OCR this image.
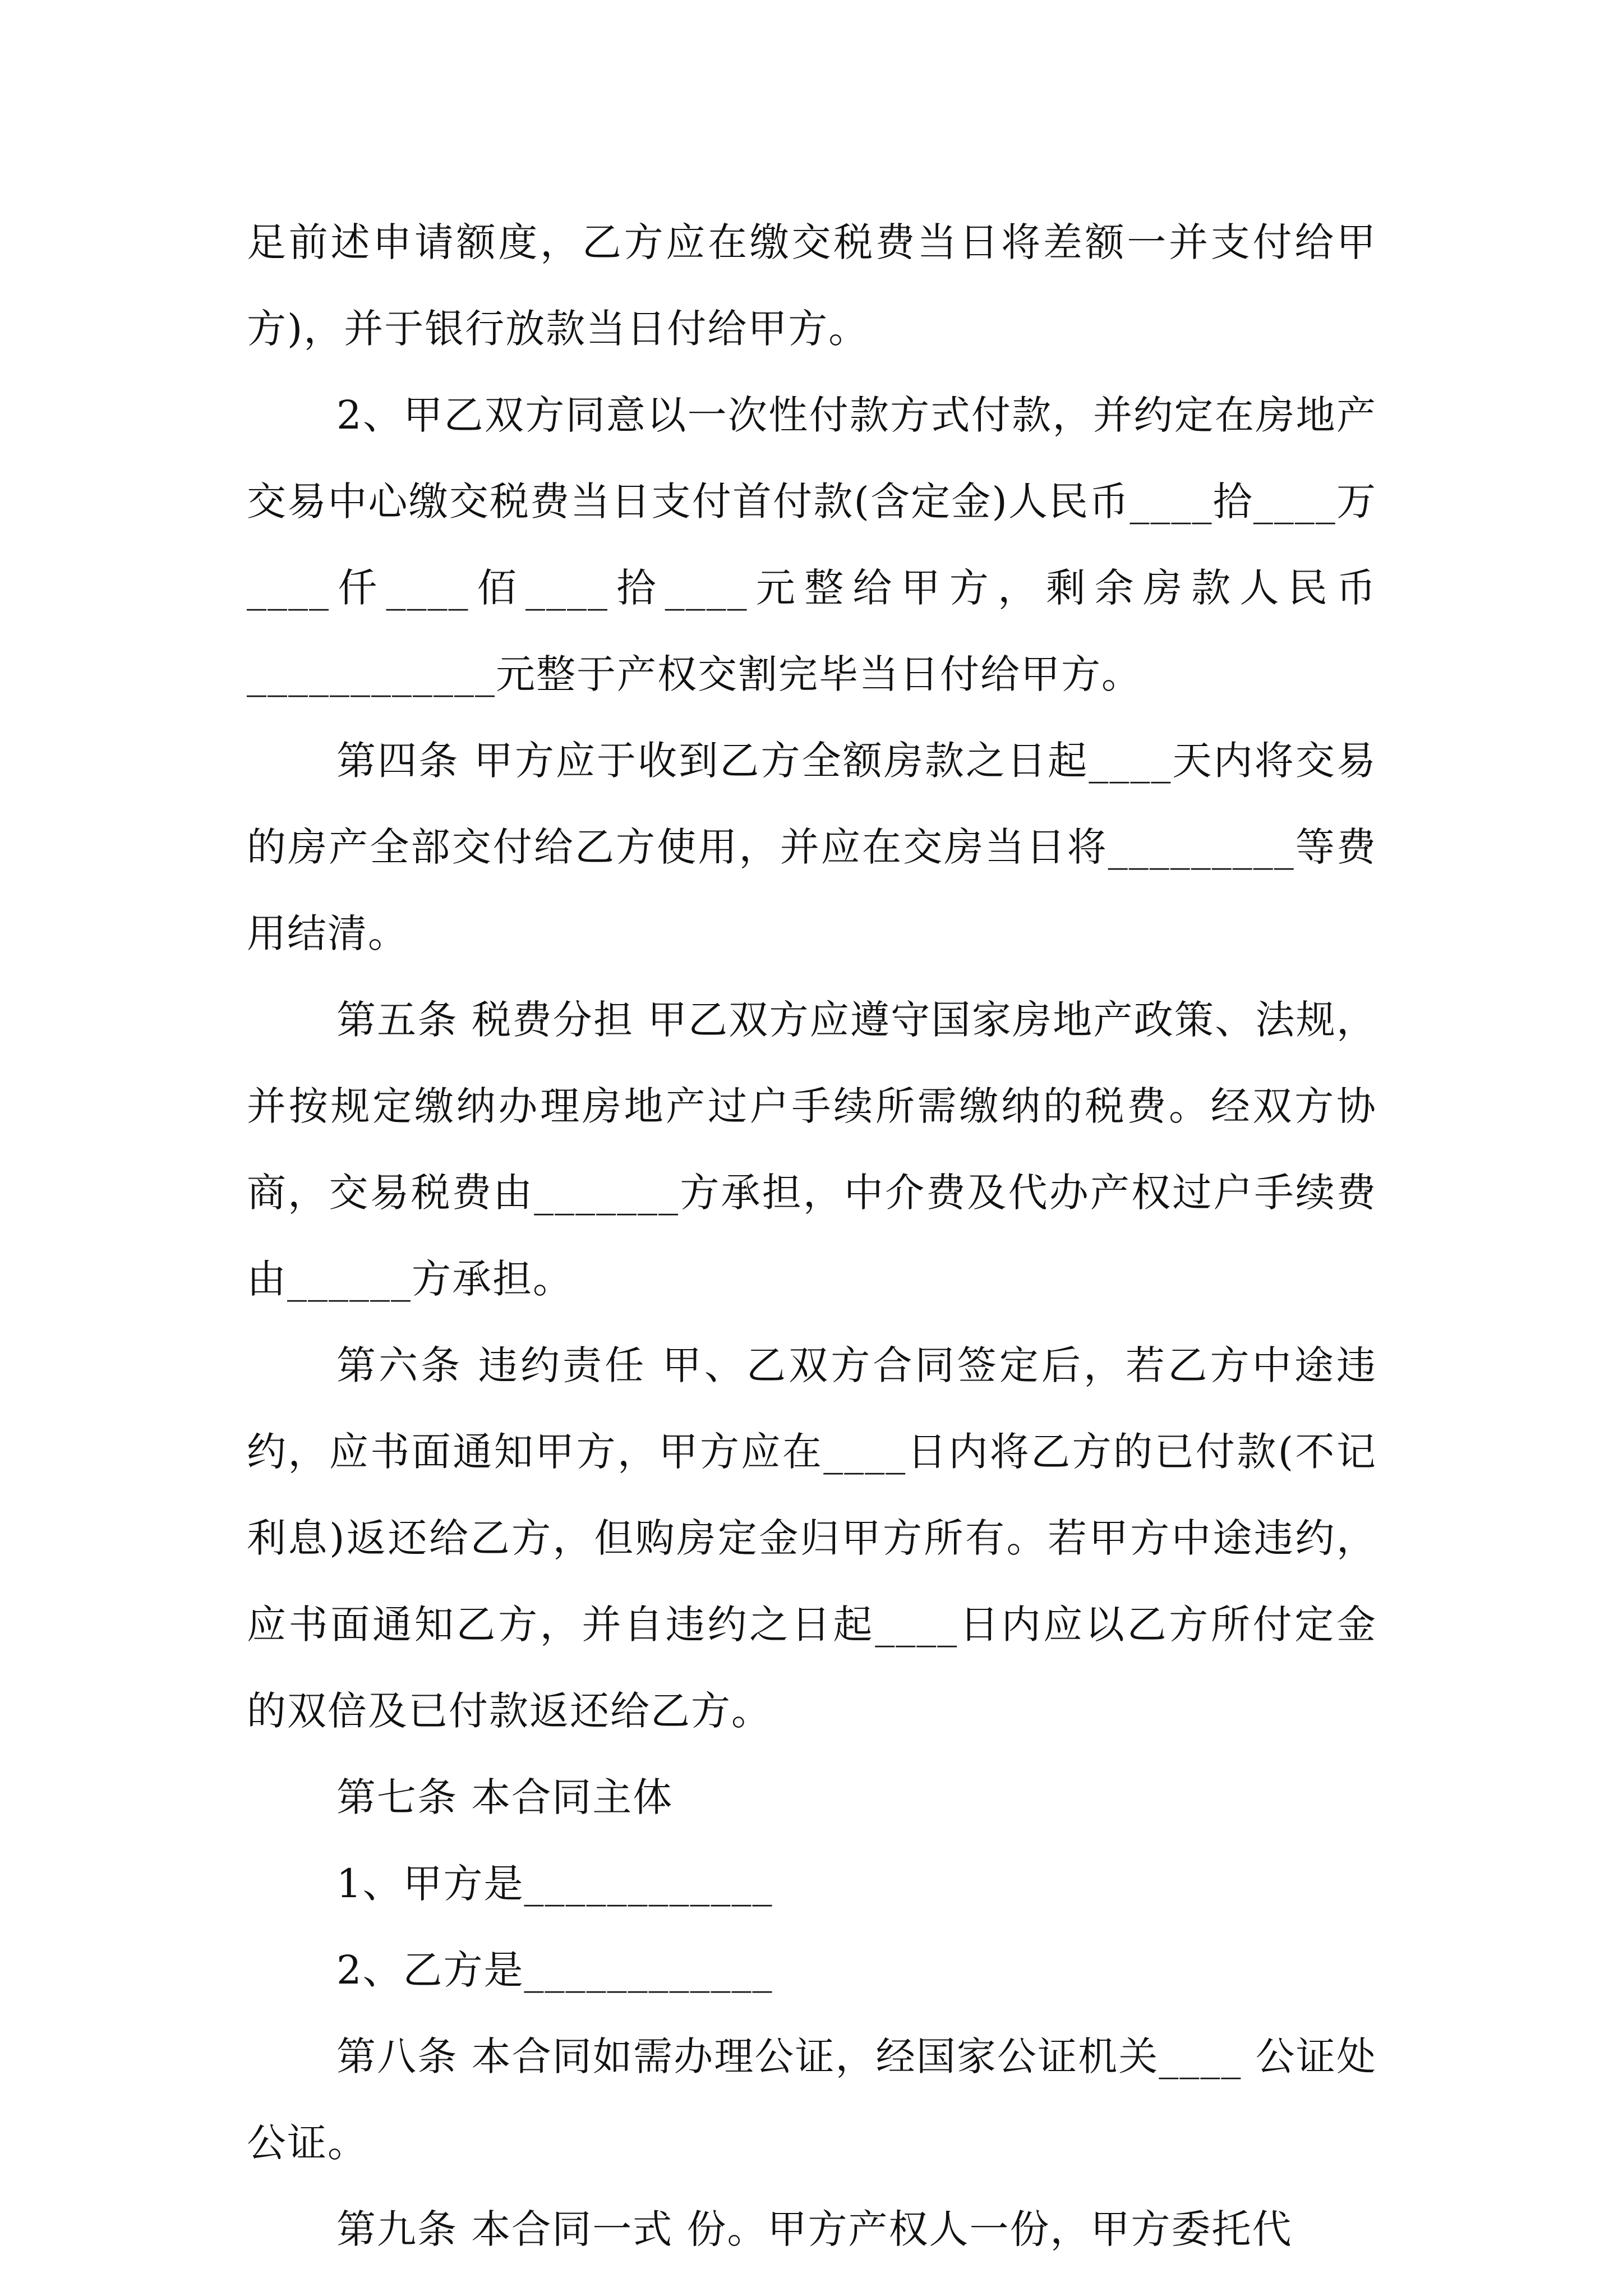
足前述申请额度，乙方应在缴交税费当日将差额一并支付给甲方)，并于银行放款当日付给甲方。

2、甲乙双方同意以一次性付款方式付款，并约定在房地产交易中心缴交税费当日支付首付款(含定金)人民币____拾____万____仟____佰____拾____元整给甲方，剩余房款人民币____________元整于产权交割完毕当日付给甲方。

第四条 甲方应于收到乙方全额房款之日起____天内将交易的房产全部交付给乙方使用，并应在交房当日将_________等费用结清。

第五条 税费分担 甲乙双方应遵守国家房地产政策、法规，并按规定缴纳办理房地产过户手续所需缴纳的税费。经双方协商，交易税费由_______方承担，中介费及代办产权过户手续费由______方承担。

第六条 违约责任 甲、乙双方合同签定后，若乙方中途违约，应书面通知甲方，甲方应在____日内将乙方的已付款(不记利息)返还给乙方，但购房定金归甲方所有。若甲方中途违约，应书面通知乙方，并自违约之日起____日内应以乙方所付定金的双倍及已付款返还给乙方。

第七条 本合同主体

1、甲方是____________

2、乙方是____________

第八条 本合同如需办理公证，经国家公证机关____ 公证处公证。

第九条 本合同一式 份。甲方产权人一份，甲方委托代
